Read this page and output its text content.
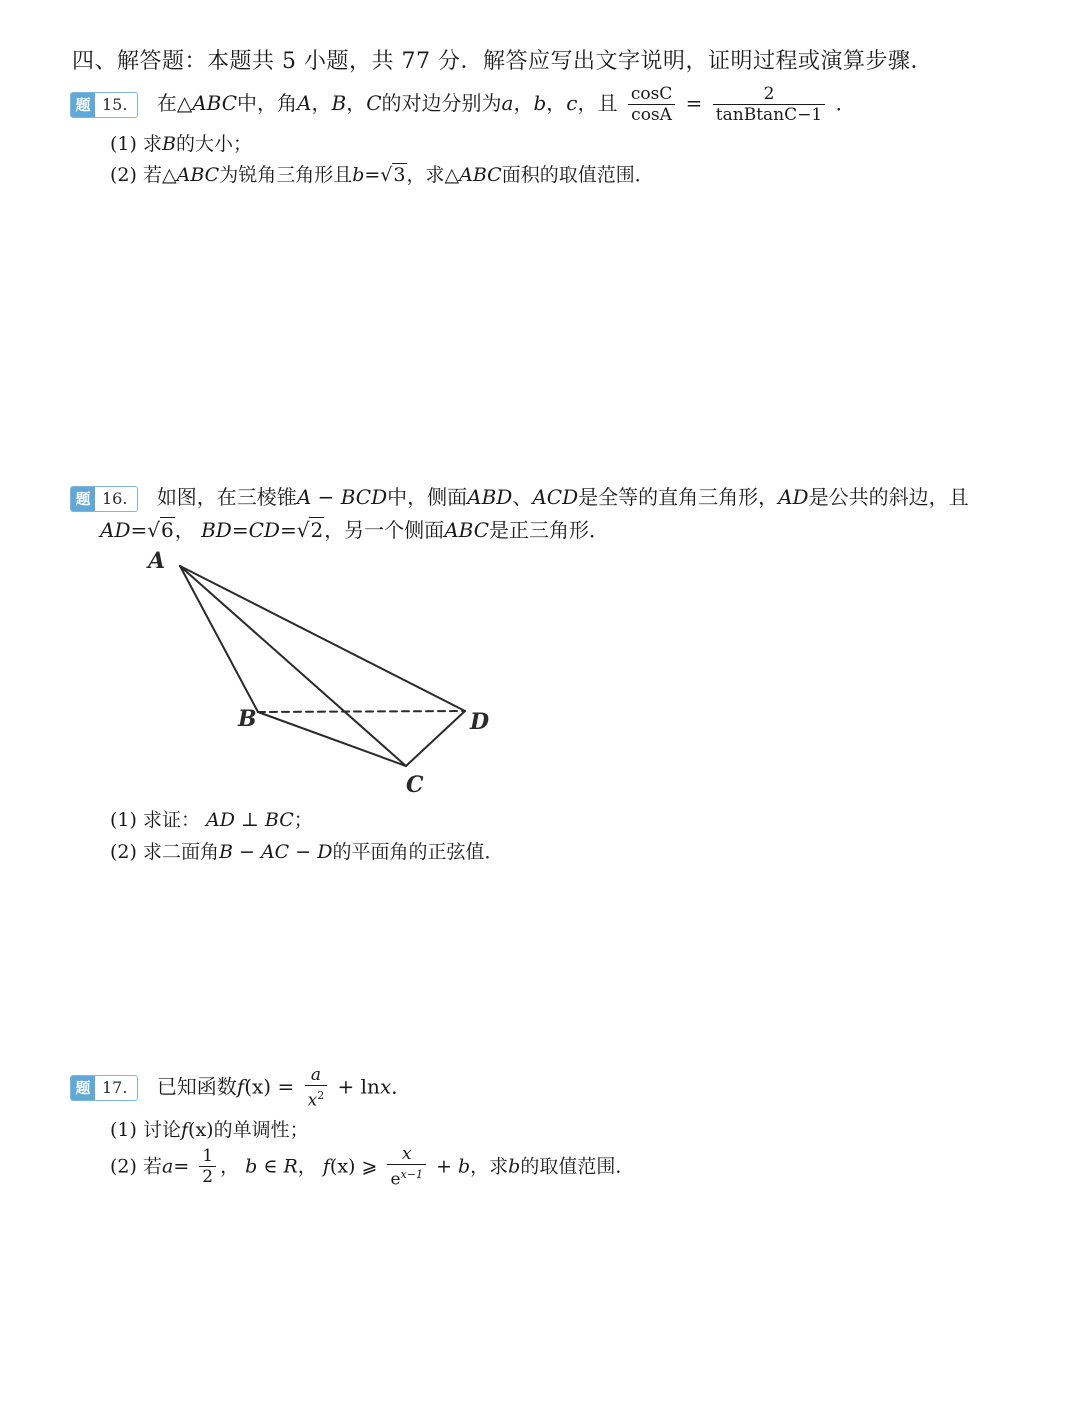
四、解答题：本题共 5 小题，共 77 分．解答应写出文字说明，证明过程或演算步骤．
题 15.	在△ABC中，角A，B，C的对边分别为a，b，c，且 $\frac{\cos C}{\cos A} = \frac{2}{\text{tanBtanC−1}}$ ．
(1) 求B的大小；
(2) 若△ABC为锐角三角形且b=√3，求△ABC面积的取值范围．
题 16.	如图，在三棱锥A − BCD中，侧面ABD、ACD是全等的直角三角形，AD是公共的斜边，且
AD=√6， BD=CD=√2，另一个侧面ABC是正三角形．
A
B
C
D
(1) 求证： AD ⊥ BC；
(2) 求二面角B − AC − D的平面角的正弦值．
题 17.	已知函数$f(x) = \frac{a}{x^2} + \ln x$．
(1) 讨论f(x)的单调性；
(2) 若$a= \frac{1}{2}$ ， b ∈ R， f(x) ⩾ $\frac{x}{e^{x-1}} + b$，求b的取值范围．
